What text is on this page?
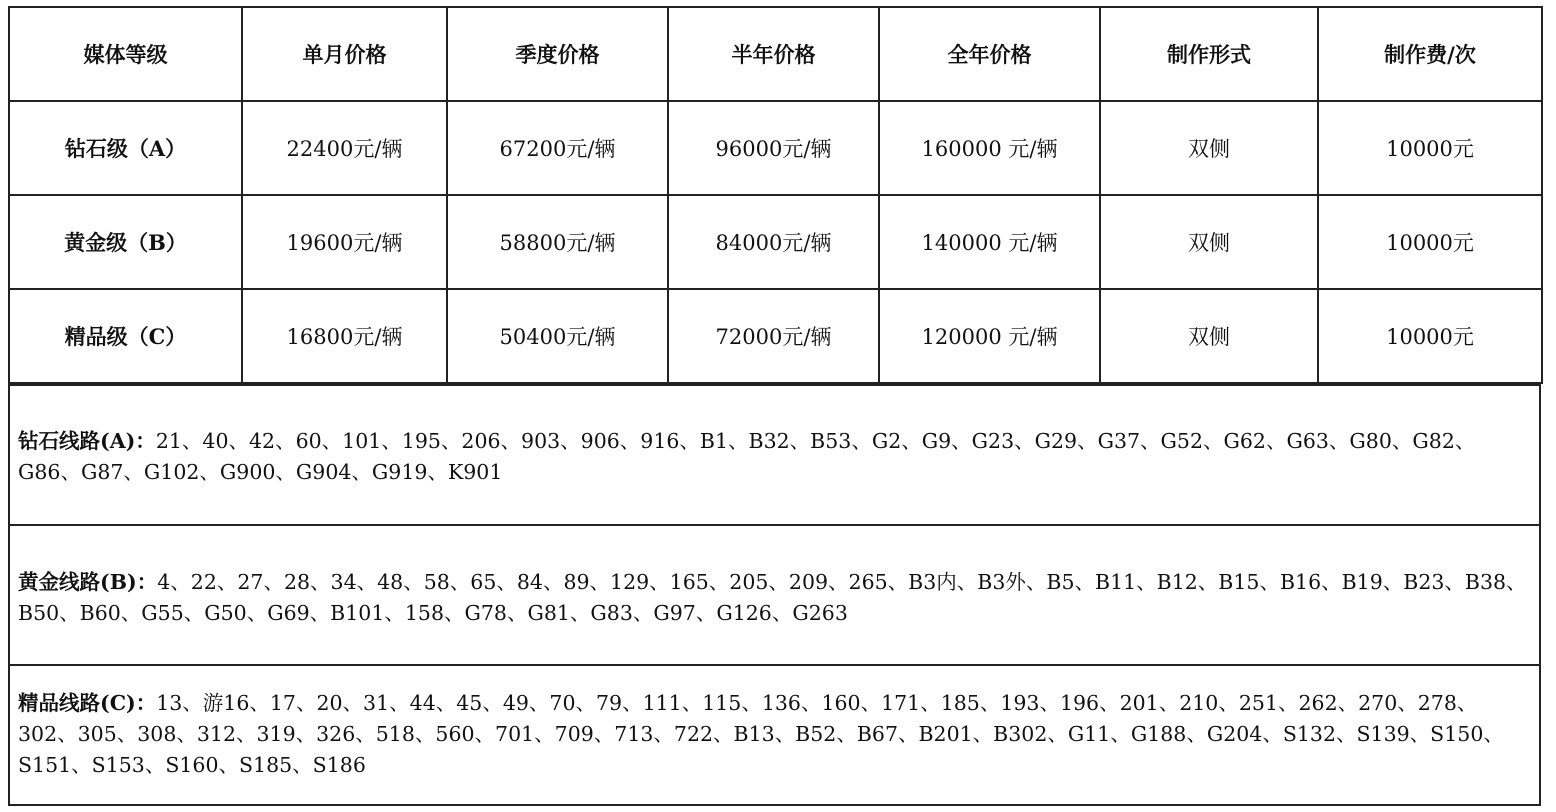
媒体等级	单月价格	季度价格	半年价格	全年价格	制作形式	制作费/次
钻石级（A）	22400元/辆	67200元/辆	96000元/辆	160000 元/辆	双侧	10000元
黄金级（B）	19600元/辆	58800元/辆	84000元/辆	140000 元/辆	双侧	10000元
精品级（C）	16800元/辆	50400元/辆	72000元/辆	120000 元/辆	双侧	10000元
钻石线路(A)：21、40、42、60、101、195、206、903、906、916、B1、B32、B53、G2、G9、G23、G29、G37、G52、G62、G63、G80、G82、G86、G87、G102、G900、G904、G919、K901
黄金线路(B)：4、22、27、28、34、48、58、65、84、89、129、165、205、209、265、B3内、B3外、B5、B11、B12、B15、B16、B19、B23、B38、B50、B60、G55、G50、G69、B101、158、G78、G81、G83、G97、G126、G263
精品线路(C)：13、游16、17、20、31、44、45、49、70、79、111、115、136、160、171、185、193、196、201、210、251、262、270、278、302、305、308、312、319、326、518、560、701、709、713、722、B13、B52、B67、B201、B302、G11、G188、G204、S132、S139、S150、S151、S153、S160、S185、S186
